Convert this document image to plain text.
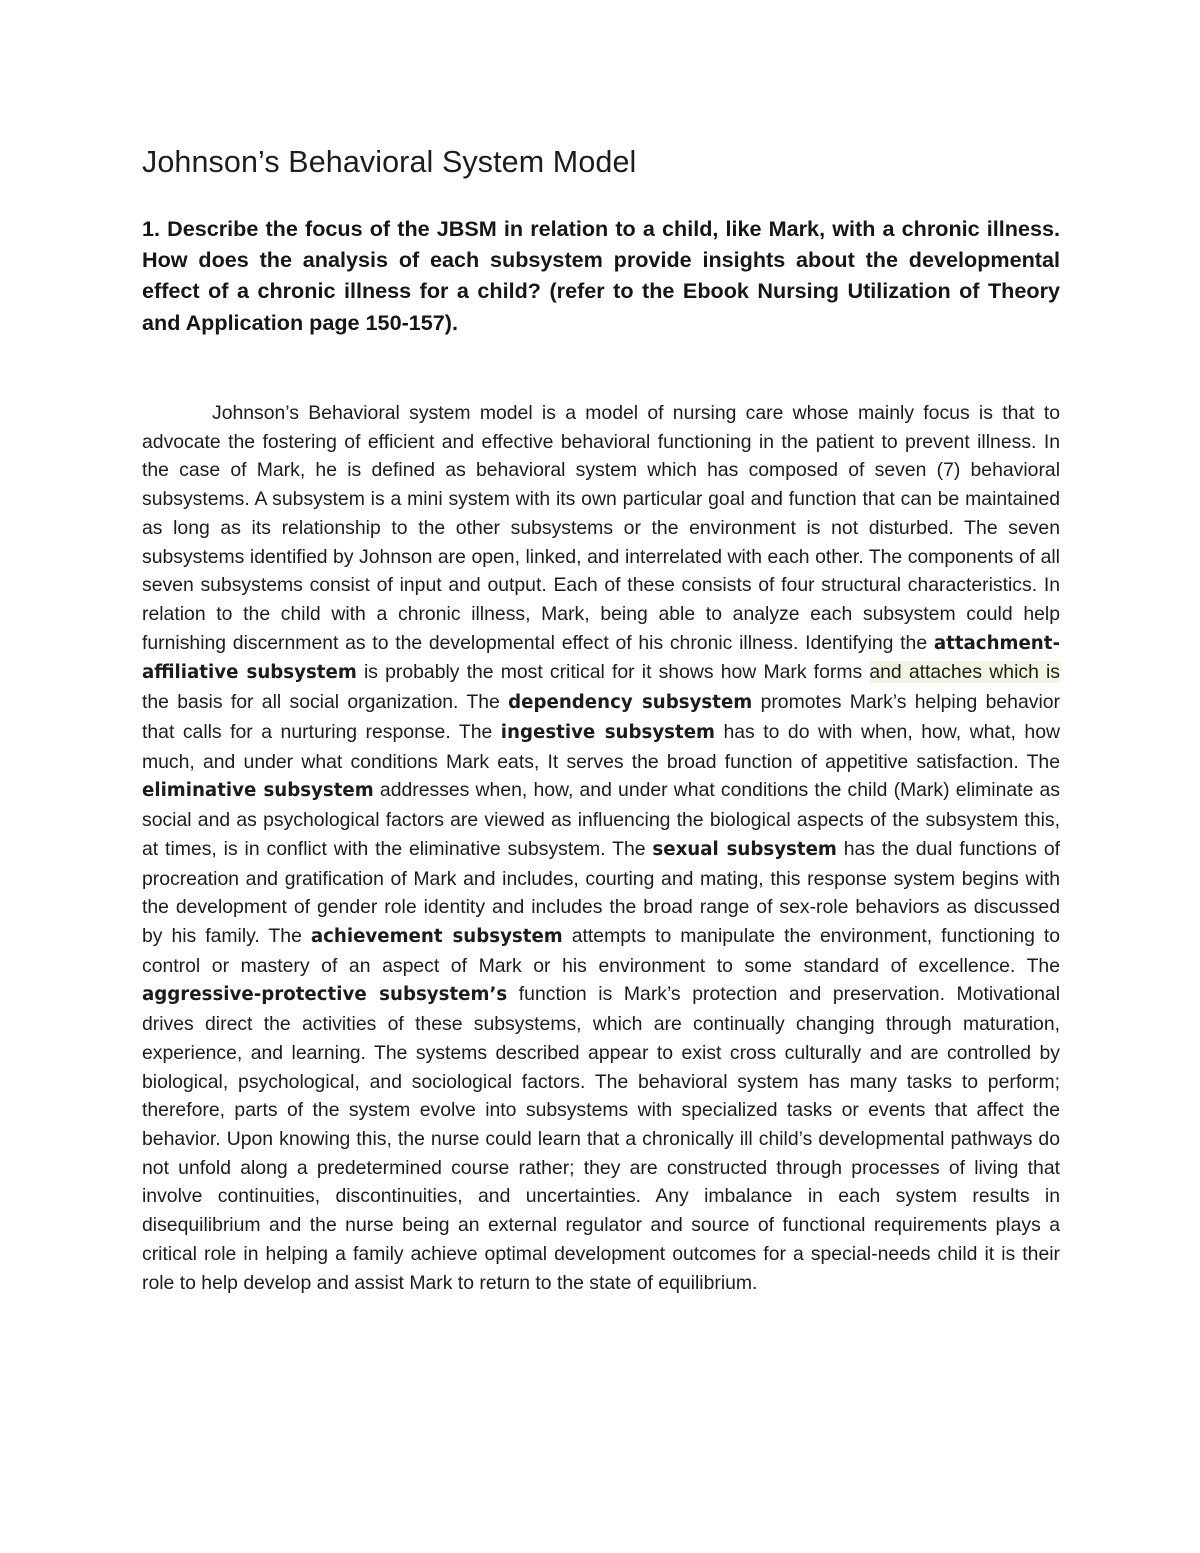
Johnson’s Behavioral System Model

1. Describe the focus of the JBSM in relation to a child, like Mark, with a chronic illness. How does the analysis of each subsystem provide insights about the developmental effect of a chronic illness for a child? (refer to the Ebook Nursing Utilization of Theory and Application page 150-157).

Johnson’s Behavioral system model is a model of nursing care whose mainly focus is that to advocate the fostering of efficient and effective behavioral functioning in the patient to prevent illness. In the case of Mark, he is defined as behavioral system which has composed of seven (7) behavioral subsystems. A subsystem is a mini system with its own particular goal and function that can be maintained as long as its relationship to the other subsystems or the environment is not disturbed. The seven subsystems identified by Johnson are open, linked, and interrelated with each other. The components of all seven subsystems consist of input and output. Each of these consists of four structural characteristics. In relation to the child with a chronic illness, Mark, being able to analyze each subsystem could help furnishing discernment as to the developmental effect of his chronic illness. Identifying the attachment-affiliative subsystem is probably the most critical for it shows how Mark forms and attaches which is the basis for all social organization. The dependency subsystem promotes Mark’s helping behavior that calls for a nurturing response. The ingestive subsystem has to do with when, how, what, how much, and under what conditions Mark eats, It serves the broad function of appetitive satisfaction. The eliminative subsystem addresses when, how, and under what conditions the child (Mark) eliminate as social and as psychological factors are viewed as influencing the biological aspects of the subsystem this, at times, is in conflict with the eliminative subsystem. The sexual subsystem has the dual functions of procreation and gratification of Mark and includes, courting and mating, this response system begins with the development of gender role identity and includes the broad range of sex-role behaviors as discussed by his family. The achievement subsystem attempts to manipulate the environment, functioning to control or mastery of an aspect of Mark or his environment to some standard of excellence. The aggressive-protective subsystem’s function is Mark’s protection and preservation. Motivational drives direct the activities of these subsystems, which are continually changing through maturation, experience, and learning. The systems described appear to exist cross culturally and are controlled by biological, psychological, and sociological factors. The behavioral system has many tasks to perform; therefore, parts of the system evolve into subsystems with specialized tasks or events that affect the behavior. Upon knowing this, the nurse could learn that a chronically ill child’s developmental pathways do not unfold along a predetermined course rather; they are constructed through processes of living that involve continuities, discontinuities, and uncertainties. Any imbalance in each system results in disequilibrium and the nurse being an external regulator and source of functional requirements plays a critical role in helping a family achieve optimal development outcomes for a special-needs child it is their role to help develop and assist Mark to return to the state of equilibrium.
